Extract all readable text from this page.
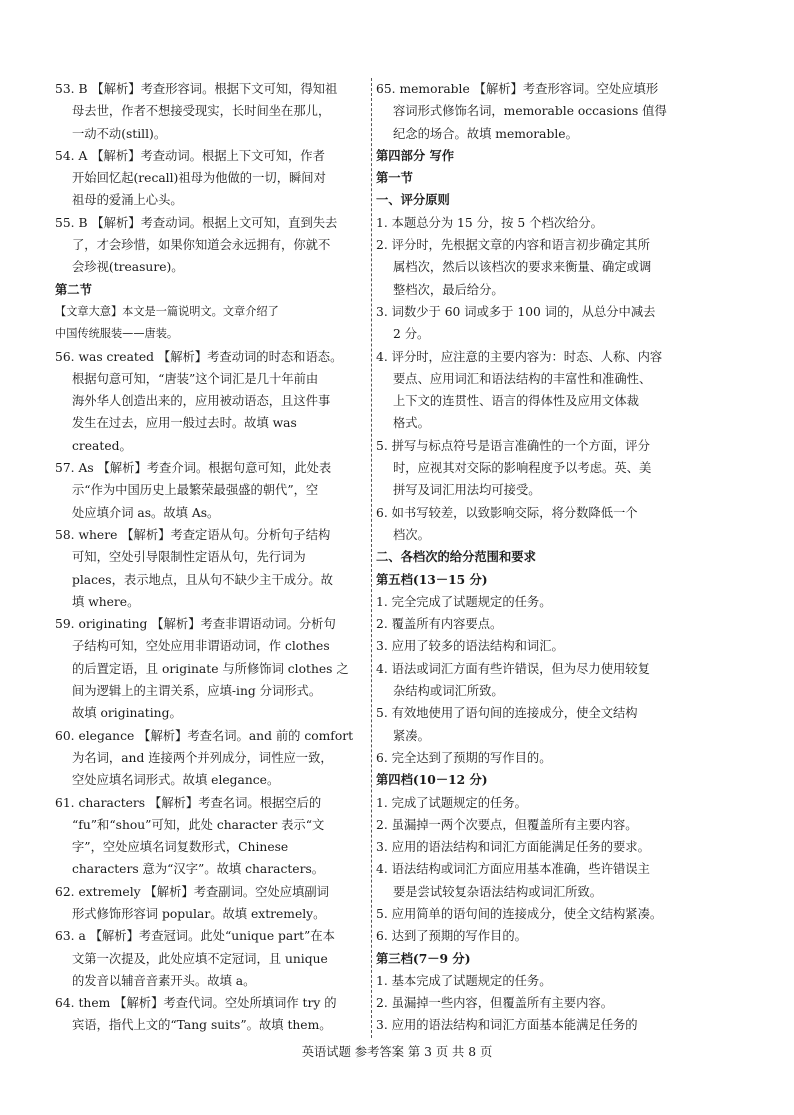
53. B 【解析】考查形容词。根据下文可知，得知祖
母去世，作者不想接受现实，长时间坐在那儿，
一动不动(still)。
54. A 【解析】考查动词。根据上下文可知，作者
开始回忆起(recall)祖母为他做的一切，瞬间对
祖母的爱涌上心头。
55. B 【解析】考查动词。根据上文可知，直到失去
了，才会珍惜，如果你知道会永远拥有，你就不
会珍视(treasure)。
第二节
【文章大意】本文是一篇说明文。文章介绍了
中国传统服装——唐装。
56. was created 【解析】考查动词的时态和语态。
根据句意可知，“唐装”这个词汇是几十年前由
海外华人创造出来的，应用被动语态，且这件事
发生在过去，应用一般过去时。故填 was
created。
57. As 【解析】考查介词。根据句意可知，此处表
示“作为中国历史上最繁荣最强盛的朝代”，空
处应填介词 as。故填 As。
58. where 【解析】考查定语从句。分析句子结构
可知，空处引导限制性定语从句，先行词为
places，表示地点，且从句不缺少主干成分。故
填 where。
59. originating 【解析】考查非谓语动词。分析句
子结构可知，空处应用非谓语动词，作 clothes
的后置定语，且 originate 与所修饰词 clothes 之
间为逻辑上的主谓关系，应填-ing 分词形式。
故填 originating。
60. elegance 【解析】考查名词。and 前的 comfort
为名词，and 连接两个并列成分，词性应一致，
空处应填名词形式。故填 elegance。
61. characters 【解析】考查名词。根据空后的
“fu”和“shou”可知，此处 character 表示“文
字”，空处应填名词复数形式，Chinese
characters 意为“汉字”。故填 characters。
62. extremely 【解析】考查副词。空处应填副词
形式修饰形容词 popular。故填 extremely。
63. a 【解析】考查冠词。此处“unique part”在本
文第一次提及，此处应填不定冠词，且 unique
的发音以辅音音素开头。故填 a。
64. them 【解析】考查代词。空处所填词作 try 的
宾语，指代上文的“Tang suits”。故填 them。
65. memorable 【解析】考查形容词。空处应填形
容词形式修饰名词，memorable occasions 值得
纪念的场合。故填 memorable。
第四部分 写作
第一节
一、评分原则
1. 本题总分为 15 分，按 5 个档次给分。
2. 评分时，先根据文章的内容和语言初步确定其所
属档次，然后以该档次的要求来衡量、确定或调
整档次，最后给分。
3. 词数少于 60 词或多于 100 词的，从总分中减去
2 分。
4. 评分时，应注意的主要内容为：时态、人称、内容
要点、应用词汇和语法结构的丰富性和准确性、
上下文的连贯性、语言的得体性及应用文体裁
格式。
5. 拼写与标点符号是语言准确性的一个方面，评分
时，应视其对交际的影响程度予以考虑。英、美
拼写及词汇用法均可接受。
6. 如书写较差，以致影响交际，将分数降低一个
档次。
二、各档次的给分范围和要求
第五档(13－15 分)
1. 完全完成了试题规定的任务。
2. 覆盖所有内容要点。
3. 应用了较多的语法结构和词汇。
4. 语法或词汇方面有些许错误，但为尽力使用较复
杂结构或词汇所致。
5. 有效地使用了语句间的连接成分，使全文结构
紧凑。
6. 完全达到了预期的写作目的。
第四档(10－12 分)
1. 完成了试题规定的任务。
2. 虽漏掉一两个次要点，但覆盖所有主要内容。
3. 应用的语法结构和词汇方面能满足任务的要求。
4. 语法结构或词汇方面应用基本准确，些许错误主
要是尝试较复杂语法结构或词汇所致。
5. 应用简单的语句间的连接成分，使全文结构紧凑。
6. 达到了预期的写作目的。
第三档(7－9 分)
1. 基本完成了试题规定的任务。
2. 虽漏掉一些内容，但覆盖所有主要内容。
3. 应用的语法结构和词汇方面基本能满足任务的
英语试题 参考答案 第 3 页 共 8 页
